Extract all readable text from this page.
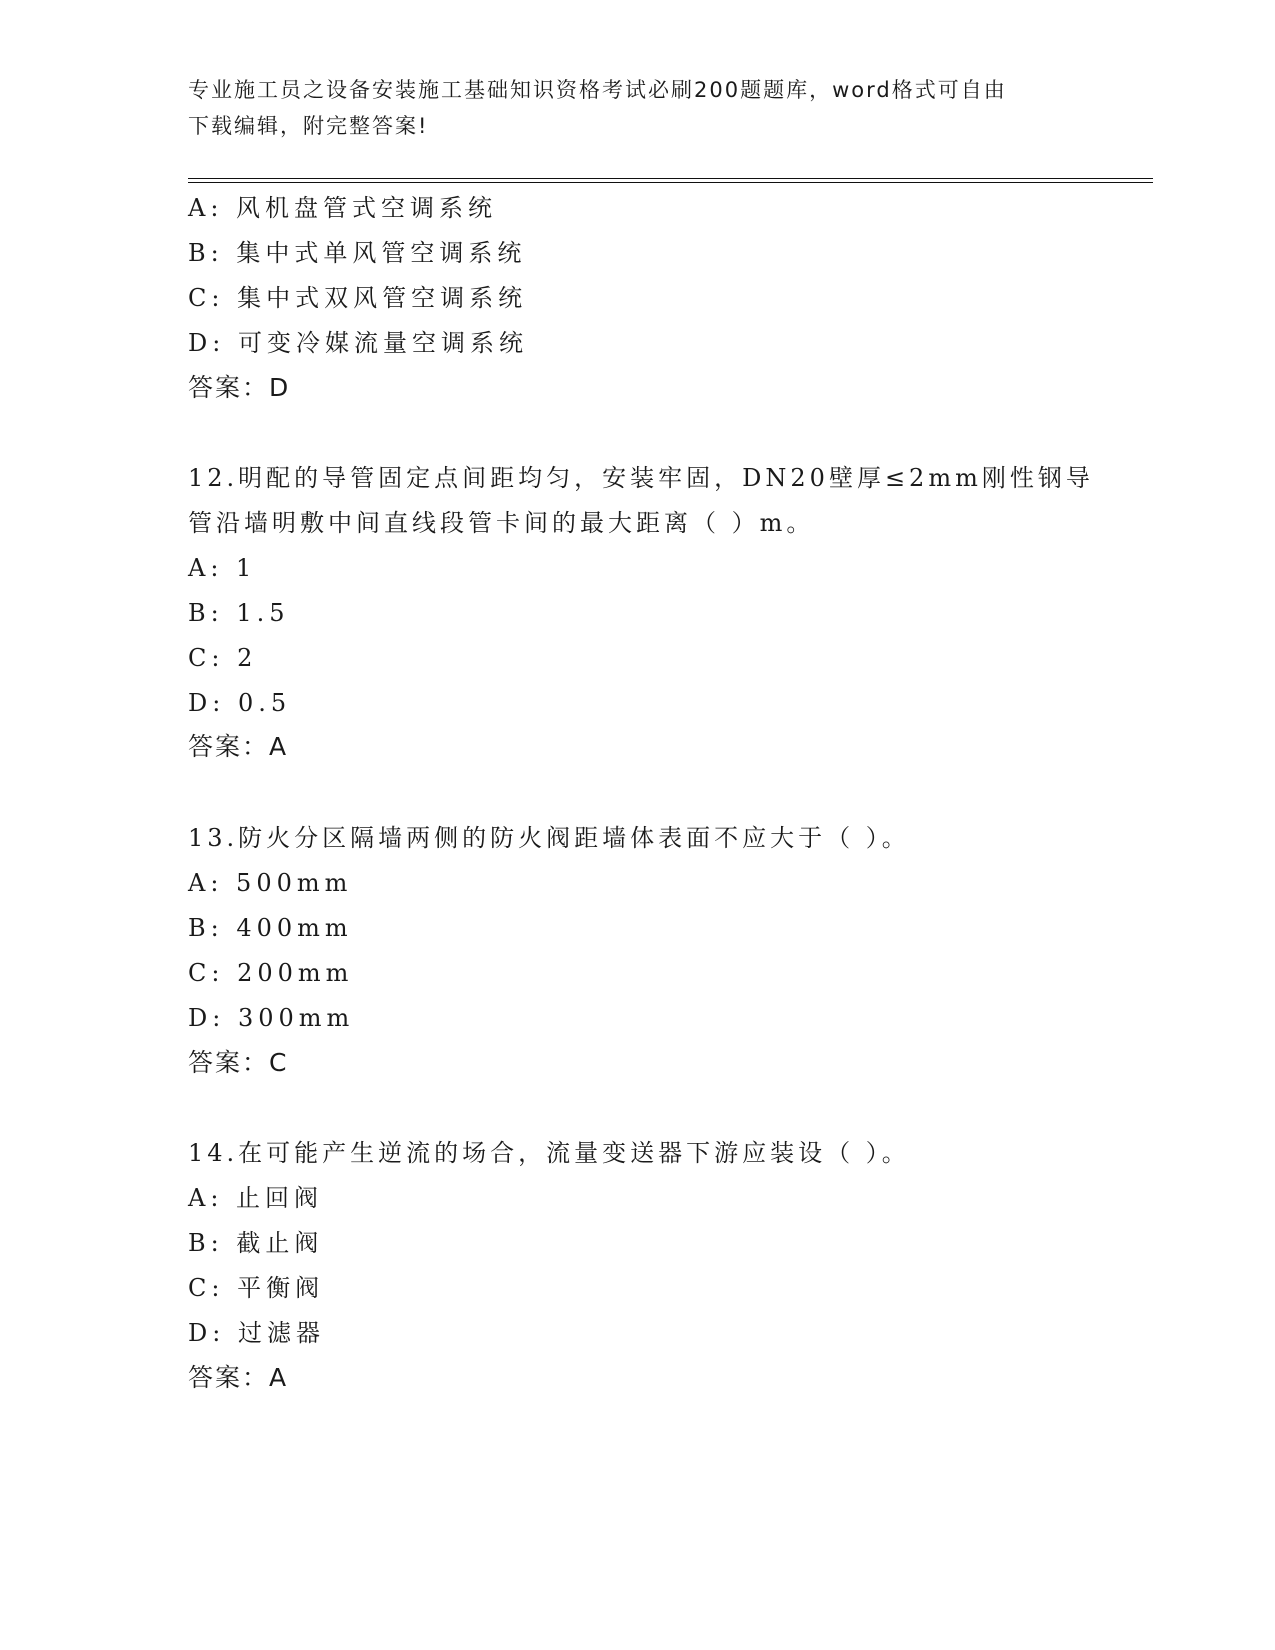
专业施工员之设备安装施工基础知识资格考试必刷200题题库，word格式可自由
下载编辑，附完整答案!
A: 风机盘管式空调系统
B: 集中式单风管空调系统
C: 集中式双风管空调系统
D: 可变冷媒流量空调系统
答案：D
12.明配的导管固定点间距均匀，安装牢固，DN20壁厚≤2mm刚性钢导
管沿墙明敷中间直线段管卡间的最大距离（ ）m。
A: 1
B: 1.5
C: 2
D: 0.5
答案：A
13.防火分区隔墙两侧的防火阀距墙体表面不应大于（ ）。
A: 500mm
B: 400mm
C: 200mm
D: 300mm
答案：C
14.在可能产生逆流的场合，流量变送器下游应装设（ ）。
A: 止回阀
B: 截止阀
C: 平衡阀
D: 过滤器
答案：A
